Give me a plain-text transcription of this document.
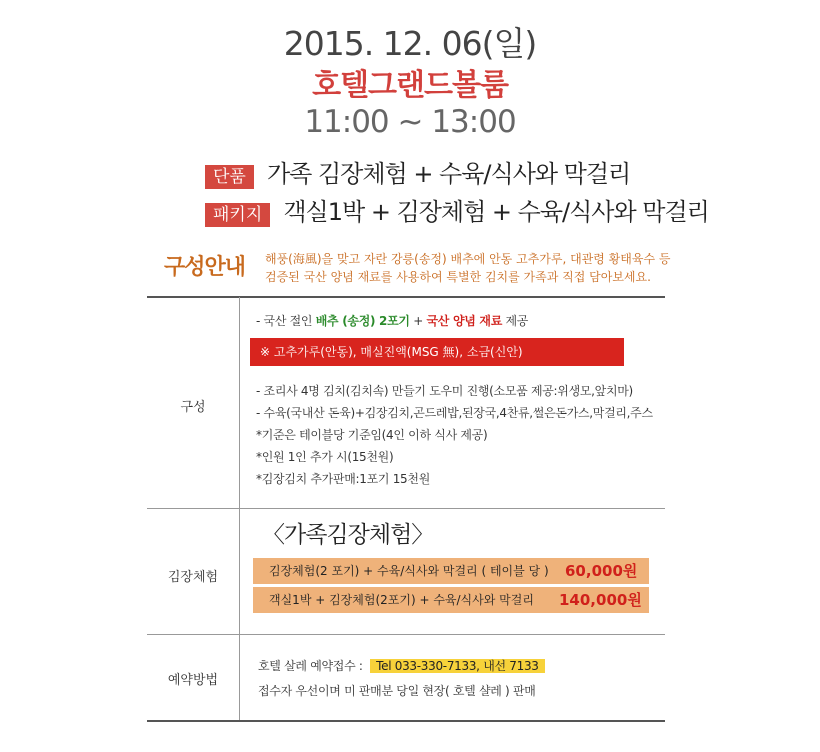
2015. 12. 06(일)
호텔그랜드볼룸
11:00 ~ 13:00
단품 가족 김장체험 + 수육/식사와 막걸리
패키지 객실1박 + 김장체험 + 수육/식사와 막걸리
구성안내 해풍(海風)을 맞고 자란 강릉(송정) 배추에 안동 고추가루, 대관령 황태육수 등
검증된 국산 양념 재료를 사용하여 특별한 김치를 가족과 직접 담아보세요.
구성
- 국산 절인 배추 (송정) 2포기 + 국산 양념 재료 제공
※ 고추가루(안동), 매실진액(MSG 無), 소금(신안)
- 조리사 4명 김치(김치속) 만들기 도우미 진행(소모품 제공:위생모,앞치마)
- 수육(국내산 돈육)+김장김치,곤드레밥,된장국,4찬류,썰은돈가스,막걸리,주스
*기준은 테이블당 기준임(4인 이하 식사 제공)
*인원 1인 추가 시(15천원)
*김장김치 추가판매:1포기 15천원
김장체험
〈가족김장체험〉
김장체험(2 포기) + 수육/식사와 막걸리 ( 테이블 당 ) 60,000원
객실1박 + 김장체험(2포기) + 수육/식사와 막걸리 140,000원
예약방법
호텔 살레 예약접수 : Tel 033-330-7133, 내선 7133
접수자 우선이며 미 판매분 당일 현장( 호텔 샬레 ) 판매
